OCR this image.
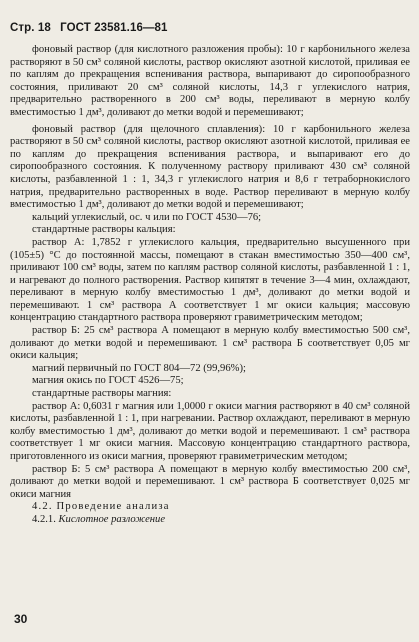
Стр. 18 ГОСТ 23581.16—81

фоновый раствор (для кислотного разложения пробы): 10 г карбонильного железа растворяют в 50 см³ соляной кислоты, раствор окисляют азотной кислотой, приливая ее по каплям до прекращения вспенивания раствора, выпаривают до сиропообразного состояния, приливают 20 см³ соляной кислоты, 14,3 г углекислого натрия, предварительно растворенного в 200 см³ воды, переливают в мерную колбу вместимостью 1 дм³, доливают до метки водой и перемешивают;

фоновый раствор (для щелочного сплавления): 10 г карбонильного железа растворяют в 50 см³ соляной кислоты, раствор окисляют азотной кислотой, приливая ее по каплям до прекращения вспенивания раствора, и выпаривают его до сиропообразного состояния. К полученному раствору приливают 430 см³ соляной кислоты, разбавленной 1 : 1, 34,3 г углекислого натрия и 8,6 г тетраборнокислого натрия, предварительно растворенных в воде. Раствор переливают в мерную колбу вместимостью 1 дм³, доливают до метки водой и перемешивают;

кальций углекислый, ос. ч или по ГОСТ 4530—76;

стандартные растворы кальция:

раствор А: 1,7852 г углекислого кальция, предварительно высушенного при (105±5) °С до постоянной массы, помещают в стакан вместимостью 350—400 см³, приливают 100 см³ воды, затем по каплям раствор соляной кислоты, разбавленной 1 : 1, и нагревают до полного растворения. Раствор кипятят в течение 3—4 мин, охлаждают, переливают в мерную колбу вместимостью 1 дм³, доливают до метки водой и перемешивают. 1 см³ раствора А соответствует 1 мг окиси кальция; массовую концентрацию стандартного раствора проверяют гравиметрическим методом;

раствор Б: 25 см³ раствора А помещают в мерную колбу вместимостью 500 см³, доливают до метки водой и перемешивают. 1 см³ раствора Б соответствует 0,05 мг окиси кальция;

магний первичный по ГОСТ 804—72 (99,96%);

магния окись по ГОСТ 4526—75;

стандартные растворы магния:

раствор А: 0,6031 г магния или 1,0000 г окиси магния растворяют в 40 см³ соляной кислоты, разбавленной 1 : 1, при нагревании. Раствор охлаждают, переливают в мерную колбу вместимостью 1 дм³, доливают до метки водой и перемешивают. 1 см³ раствора соответствует 1 мг окиси магния. Массовую концентрацию стандартного раствора, приготовленного из окиси магния, проверяют гравиметрическим методом;

раствор Б: 5 см³ раствора А помещают в мерную колбу вместимостью 200 см³, доливают до метки водой и перемешивают. 1 см³ раствора Б соответствует 0,025 мг окиси магния

4.2. Проведение анализа

4.2.1. Кислотное разложение

30
